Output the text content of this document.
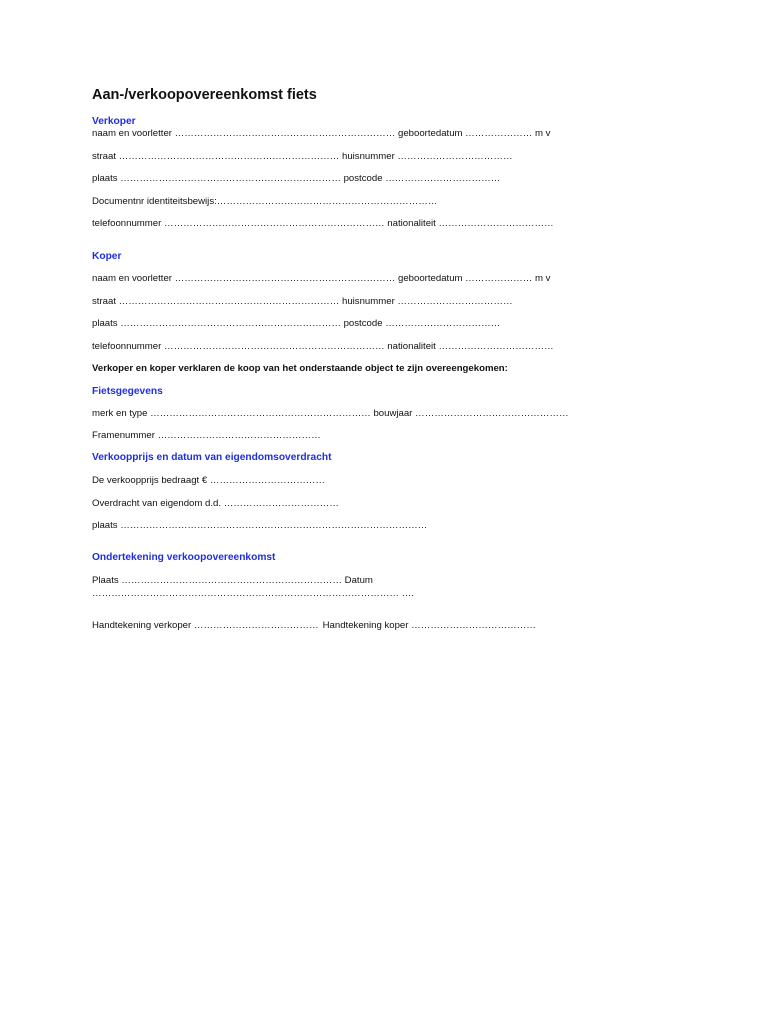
Aan-/verkoopovereenkomst fiets
Verkoper
naam en voorletter …………………………………………………………… geboortedatum ………………… m v
straat …………………………………………………………… huisnummer ………………………………
plaats …………………………………………………………… postcode ………………………………
Documentnr identiteitsbewijs:……………………………………………………………
telefoonnummer …………………………………………………………… nationaliteit ………………………………
Koper
naam en voorletter …………………………………………………………… geboortedatum ………………… m v
straat …………………………………………………………… huisnummer ………………………………
plaats …………………………………………………………… postcode ………………………………
telefoonnummer …………………………………………………………… nationaliteit ………………………………
Verkoper en koper verklaren de koop van het onderstaande object te zijn overeengekomen:
Fietsgegevens
merk en type …………………………………………………………… bouwjaar …………………………………………
Framenummer ……………………………………………
Verkoopprijs en datum van eigendomsoverdracht
De verkoopprijs bedraagt € ………………………………
Overdracht van eigendom d.d. ………………………………
plaats ……………………………………………………………………………………
Ondertekening verkoopovereenkomst
Plaats …………………………………………………………… Datum
…………………………………………………………………………………… ….
Handtekening verkoper ………………………………… Handtekening koper …………………………………
